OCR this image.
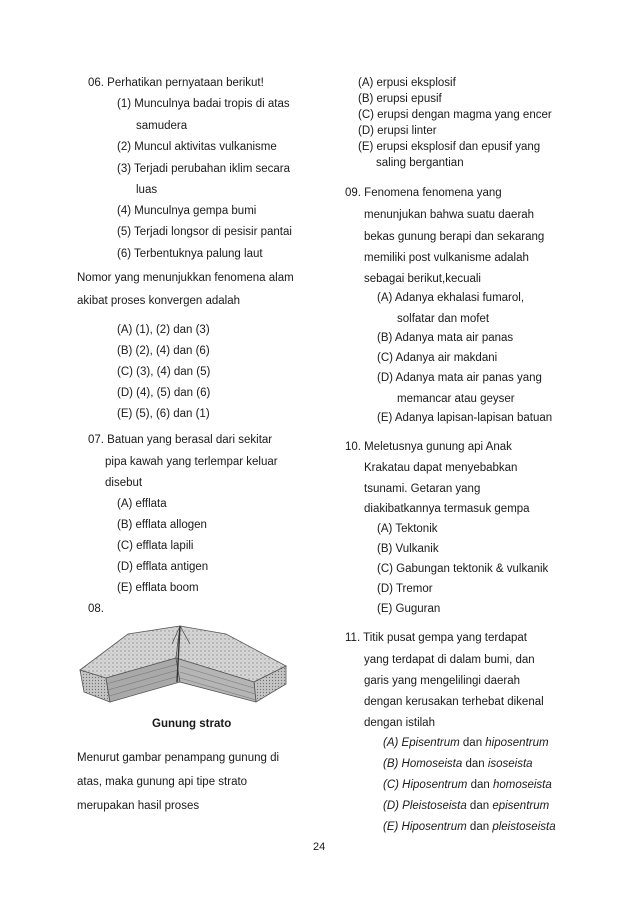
06. Perhatikan pernyataan berikut!
(1) Munculnya badai tropis di atas
samudera
(2) Muncul aktivitas vulkanisme
(3) Terjadi perubahan iklim secara
luas
(4) Munculnya gempa bumi
(5) Terjadi longsor di pesisir pantai
(6) Terbentuknya palung laut
Nomor yang menunjukkan fenomena alam
akibat proses konvergen adalah
(A) (1), (2) dan (3)
(B) (2), (4) dan (6)
(C) (3), (4) dan (5)
(D) (4), (5) dan (6)
(E) (5), (6) dan (1)
07. Batuan yang berasal dari sekitar
pipa kawah yang terlempar keluar
disebut
(A) efflata
(B) efflata allogen
(C) efflata lapili
(D) efflata antigen
(E) efflata boom
08.
Gunung strato
Menurut gambar penampang gunung di
atas, maka gunung api tipe strato
merupakan hasil proses
(A) erpusi eksplosif
(B) erupsi epusif
(C) erupsi dengan magma yang encer
(D) erupsi linter
(E) erupsi eksplosif dan epusif yang
saling bergantian
09. Fenomena fenomena yang
menunjukan bahwa suatu daerah
bekas gunung berapi dan sekarang
memiliki post vulkanisme adalah
sebagai berikut,kecuali
(A) Adanya ekhalasi fumarol,
solfatar dan mofet
(B) Adanya mata air panas
(C) Adanya air makdani
(D) Adanya mata air panas yang
memancar atau geyser
(E) Adanya lapisan-lapisan batuan
10. Meletusnya gunung api Anak
Krakatau dapat menyebabkan
tsunami. Getaran yang
diakibatkannya termasuk gempa
(A) Tektonik
(B) Vulkanik
(C) Gabungan tektonik & vulkanik
(D) Tremor
(E) Guguran
11. Titik pusat gempa yang terdapat
yang terdapat di dalam bumi, dan
garis yang mengelilingi daerah
dengan kerusakan terhebat dikenal
dengan istilah
(A) Episentrum dan hiposentrum
(B) Homoseista dan isoseista
(C) Hiposentrum dan homoseista
(D) Pleistoseista dan episentrum
(E) Hiposentrum dan pleistoseista
24
